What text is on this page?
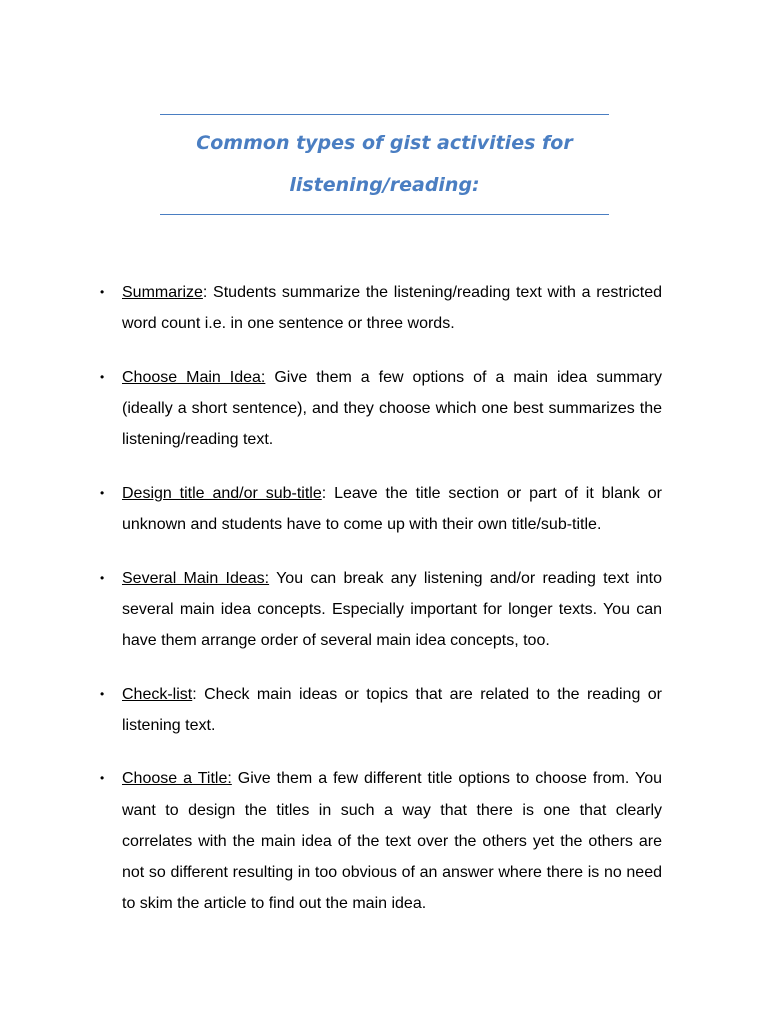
Common types of gist activities for
listening/reading:
• Summarize: Students summarize the listening/reading text with a restricted word count i.e. in one sentence or three words.
• Choose Main Idea: Give them a few options of a main idea summary (ideally a short sentence), and they choose which one best summarizes the listening/reading text.
• Design title and/or sub-title: Leave the title section or part of it blank or unknown and students have to come up with their own title/sub-title.
• Several Main Ideas: You can break any listening and/or reading text into several main idea concepts. Especially important for longer texts. You can have them arrange order of several main idea concepts, too.
• Check-list: Check main ideas or topics that are related to the reading or listening text.
• Choose a Title: Give them a few different title options to choose from. You want to design the titles in such a way that there is one that clearly correlates with the main idea of the text over the others yet the others are not so different resulting in too obvious of an answer where there is no need to skim the article to find out the main idea.
